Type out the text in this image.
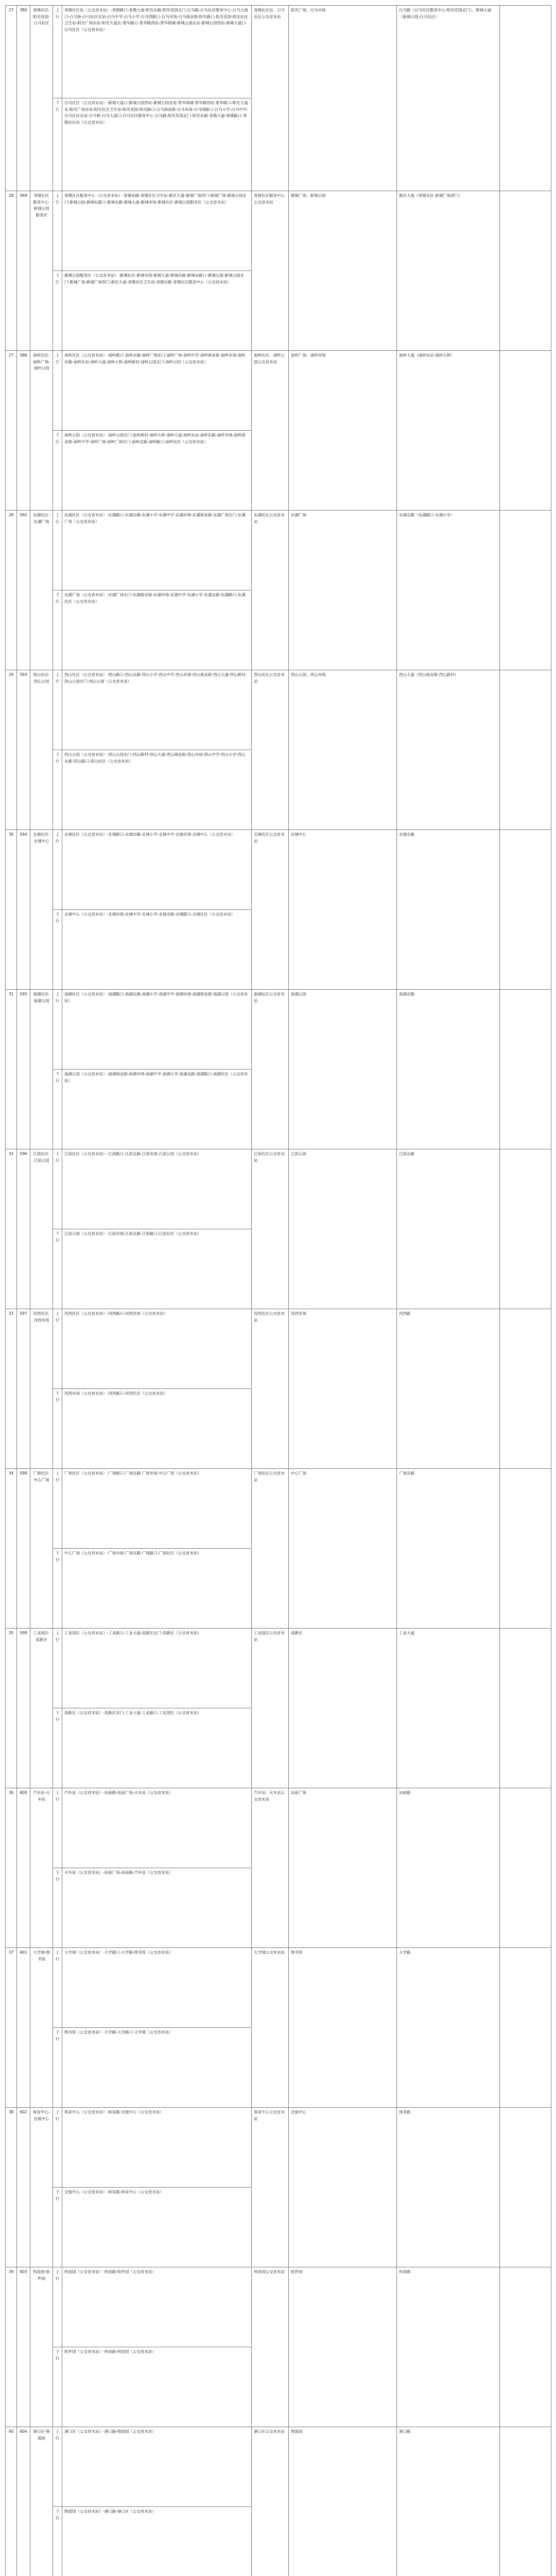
27	380	青镇社区-阳光花园-白马社区	上行	青镇社区站（公交首末站）-青镇路口-青镇大道-阳光东路-阳光花园北门-白马路-白马社区服务中心-白马大道口-白马桥-白马社区北站-白马中学-白马小学-白马西路口-白马市场-白马商业街-阳光路口-阳光花园-阳光社区卫生站-阳光广场东站-阳光大道北-景华路口-景华路西站-景华商城-新城公园北站-新城公园西站-新城大道口-白马社区（公交首末站）	青镇社区站、白马社区公交首末站	阳光广场、白马市场	白马路（白马社区服务中心-阳光花园北门），新城大道（新城公园-白马社区）	
			下行	白马社区（公交首末站）-新城大道口-新城公园西站-新城公园北站-景华商城-景华路西站-景华路口-阳光大道北-阳光广场东站-阳光社区卫生站-阳光花园-阳光路口-白马商业街-白马市场-白马西路口-白马小学-白马中学-白马社区北站-白马桥-白马大道口-白马社区服务中心-白马路-阳光花园北门-阳光东路-青镇大道-青镇路口-青镇社区站（公交首末站）				
28	569	青镇社区服务中心-新城公园服务区	上行	青镇社区服务中心（公交首末站）-青镇东路-青镇社区卫生站-新区大道-新城广场西门-新城广场-新城公园北门-新城公园-新城东路口-新城东路-新城大道-新城市场-新城社区-新城公园服务区（公交首末站）	青镇社区服务中心公交首末站	新城广场、新城公园	新区大道（青镇社区-新城广场西门）	
			下行	新城公园服务区（公交首末站）-新城社区-新城市场-新城大道-新城东路-新城东路口-新城公园-新城公园北门-新城广场-新城广场西门-新区大道-青镇社区卫生站-青镇东路-青镇社区服务中心（公交首末站）				
27	586	南岭社区-南岭广场-南岭公园	上行	南岭社区（公交首末站）-南岭路口-南岭北路-南岭广场东门-南岭广场-南岭中学-南岭商业街-南岭市场-南岭东路-南岭东站-南岭大道-南岭大桥-南岭新村-南岭公园北门-南岭公园（公交首末站）	南岭社区、南岭公园公交首末站	南岭广场、南岭市场	南岭大道（南岭东站-南岭大桥）	
			下行	南岭公园（公交首末站）-南岭公园北门-南岭新村-南岭大桥-南岭大道-南岭东站-南岭东路-南岭市场-南岭商业街-南岭中学-南岭广场-南岭广场东门-南岭北路-南岭路口-南岭社区（公交首末站）				
28	592	东湖社区-东湖广场	上行	东湖社区（公交首末站）-东湖路口-东湖北路-东湖小学-东湖中学-东湖市场-东湖商业街-东湖广场北门-东湖广场（公交首末站）	东湖社区公交首末站	东湖广场	东湖北路（东湖路口-东湖小学）	
			下行	东湖广场（公交首末站）-东湖广场北门-东湖商业街-东湖市场-东湖中学-东湖小学-东湖北路-东湖路口-东湖社区（公交首末站）				
29	593	西山社区-西山公园	上行	西山社区（公交首末站）-西山路口-西山北路-西山小学-西山中学-西山市场-西山商业街-西山大道-西山新村-西山公园北门-西山公园（公交首末站）	西山社区公交首末站	西山公园、西山市场	西山大道（西山商业街-西山新村）	
			下行	西山公园（公交首末站）-西山公园北门-西山新村-西山大道-西山商业街-西山市场-西山中学-西山小学-西山北路-西山路口-西山社区（公交首末站）				
30	594	北城社区-北城中心	上行	北城社区（公交首末站）-北城路口-北城北路-北城小学-北城中学-北城市场-北城中心（公交首末站）	北城社区公交首末站	北城中心	北城北路	
			下行	北城中心（公交首末站）-北城市场-北城中学-北城小学-北城北路-北城路口-北城社区（公交首末站）				
31	595	南湖社区-南湖公园	上行	南湖社区（公交首末站）-南湖路口-南湖北路-南湖小学-南湖中学-南湖市场-南湖商业街-南湖公园（公交首末站）	南湖社区公交首末站	南湖公园	南湖北路	
			下行	南湖公园（公交首末站）-南湖商业街-南湖市场-南湖中学-南湖小学-南湖北路-南湖路口-南湖社区（公交首末站）				
32	596	江滨社区-江滨公园	上行	江滨社区（公交首末站）-江滨路口-江滨北路-江滨市场-江滨公园（公交首末站）	江滨社区公交首末站	江滨公园	江滨北路	
			下行	江滨公园（公交首末站）-江滨市场-江滨北路-江滨路口-江滨社区（公交首末站）				
33	597	河西社区-河西市场	上行	河西社区（公交首末站）-河西路口-河西市场（公交首末站）	河西社区公交首末站	河西市场	河西路	
			下行	河西市场（公交首末站）-河西路口-河西社区（公交首末站）				
34	598	广场社区-中心广场	上行	广场社区（公交首末站）-广场路口-广场北路-广场市场-中心广场（公交首末站）	广场社区公交首末站	中心广场	广场北路	
			下行	中心广场（公交首末站）-广场市场-广场北路-广场路口-广场社区（公交首末站）				
35	599	工业园区-高新区	上行	工业园区（公交首末站）-工业路口-工业大道-高新区北门-高新区（公交首末站）	工业园区公交首末站	高新区	工业大道	
			下行	高新区（公交首末站）-高新区北门-工业大道-工业路口-工业园区（公交首末站）				
36	600	汽车站-火车站	上行	汽车站（公交首末站）-站前路-站前广场-火车站（公交首末站）	汽车站、火车站公交首末站	站前广场	站前路	
			下行	火车站（公交首末站）-站前广场-站前路-汽车站（公交首末站）				
37	601	大学城-图书馆	上行	大学城（公交首末站）-大学路口-大学路-图书馆（公交首末站）	大学城公交首末站	图书馆	大学路	
			下行	图书馆（公交首末站）-大学路-大学路口-大学城（公交首末站）				
38	602	体育中心-会展中心	上行	体育中心（公交首末站）-体育路-会展中心（公交首末站）	体育中心公交首末站	会展中心	体育路	
			下行	会展中心（公交首末站）-体育路-体育中心（公交首末站）				
39	603	科技园-软件园	上行	科技园（公交首末站）-科技路-软件园（公交首末站）	科技园公交首末站	软件园	科技路	
			下行	软件园（公交首末站）-科技路-科技园（公交首末站）				
40	604	港口区-物流园	上行	港口区（公交首末站）-港口路-物流园（公交首末站）	港口区公交首末站	物流园	港口路	
			下行	物流园（公交首末站）-港口路-港口区（公交首末站）				
